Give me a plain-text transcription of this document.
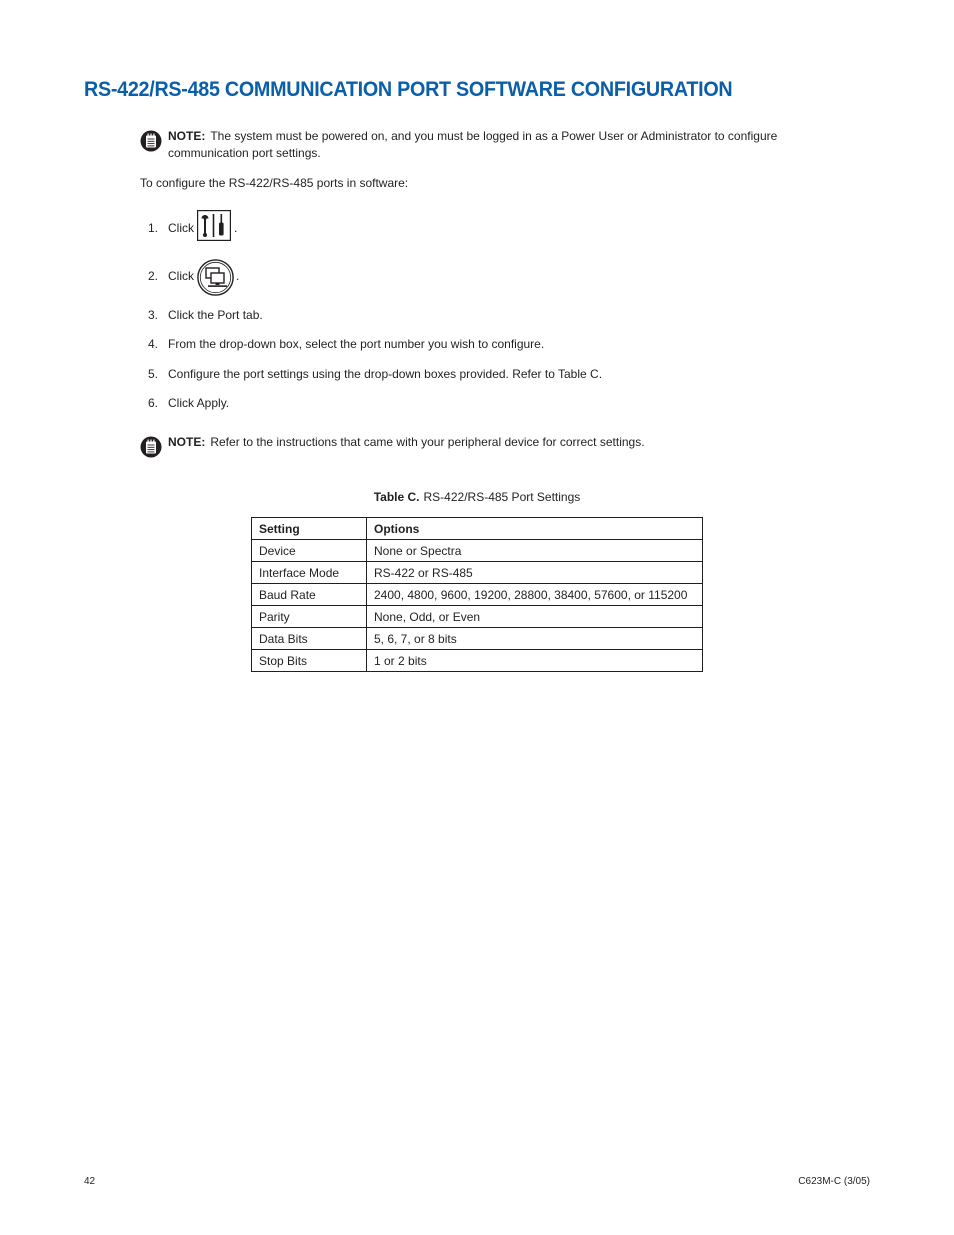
RS-422/RS-485 COMMUNICATION PORT SOFTWARE CONFIGURATION
NOTE: The system must be powered on, and you must be logged in as a Power User or Administrator to configure communication port settings.
To configure the RS-422/RS-485 ports in software:
1. Click	.
2. Click	.
3. Click the Port tab.
4. From the drop-down box, select the port number you wish to configure.
5. Configure the port settings using the drop-down boxes provided. Refer to Table C.
6. Click Apply.
NOTE: Refer to the instructions that came with your peripheral device for correct settings.
Table C. RS-422/RS-485 Port Settings
Setting	Options
Device	None or Spectra
Interface Mode	RS-422 or RS-485
Baud Rate	2400, 4800, 9600, 19200, 28800, 38400, 57600, or 115200
Parity	None, Odd, or Even
Data Bits	5, 6, 7, or 8 bits
Stop Bits	1 or 2 bits
42	C623M-C (3/05)
